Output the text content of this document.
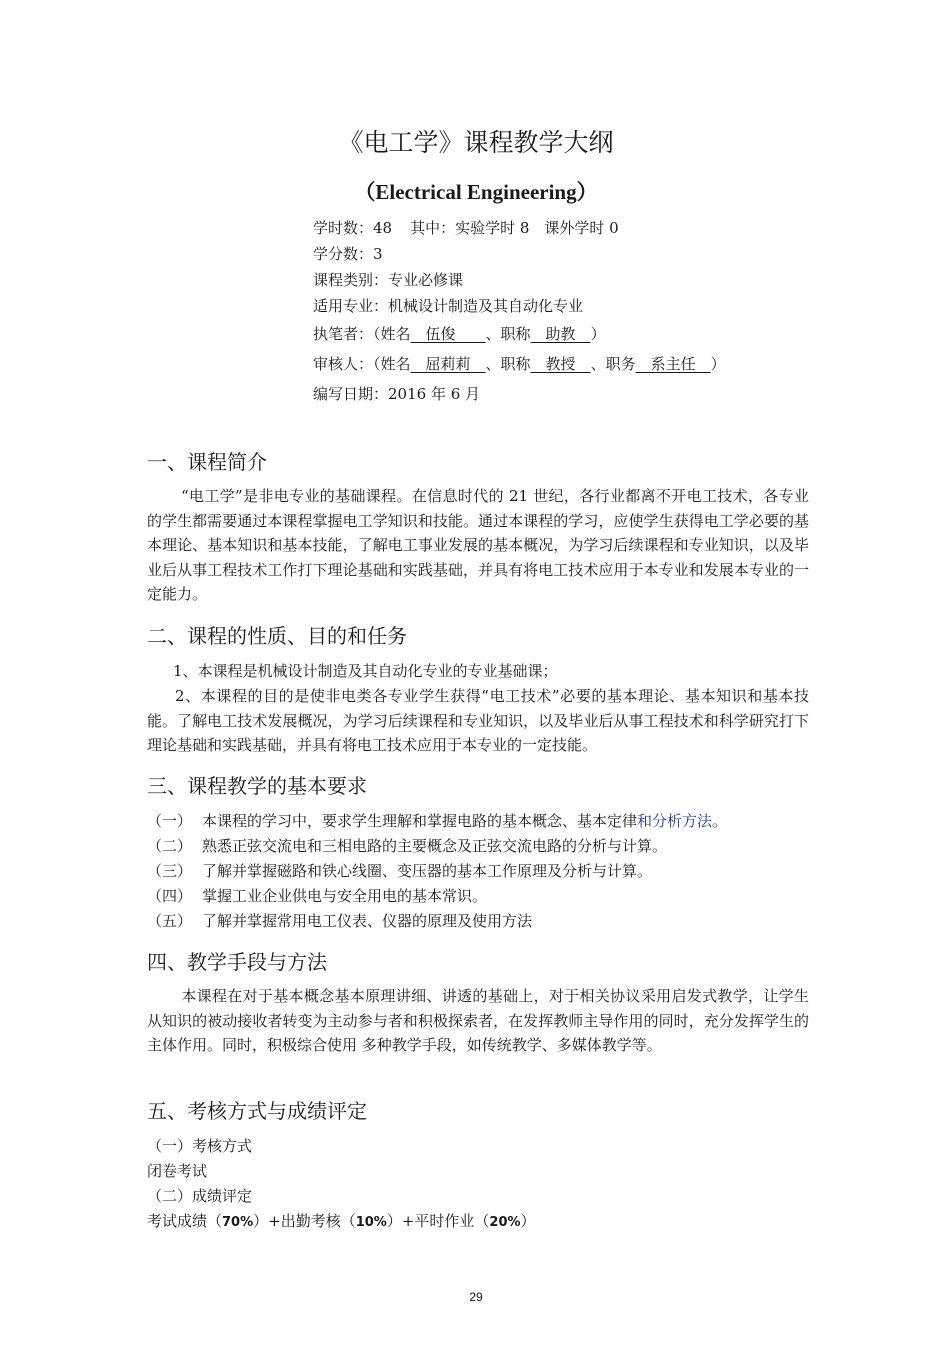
《电工学》课程教学大纲
（Electrical Engineering）
学时数：48 其中：实验学时 8　课外学时 0
学分数：3
课程类别：专业必修课
适用专业：机械设计制造及其自动化专业
执笔者：（姓名　伍俊　　、职称　助教　）
审核人：（姓名　屈莉莉　、职称　教授　、职务　系主任　）
编写日期：2016 年 6 月
一、课程简介
“电工学”是非电专业的基础课程。在信息时代的 21 世纪，各行业都离不开电工技术，各专业的学生都需要通过本课程掌握电工学知识和技能。通过本课程的学习，应使学生获得电工学必要的基本理论、基本知识和基本技能，了解电工事业发展的基本概况，为学习后续课程和专业知识，以及毕业后从事工程技术工作打下理论基础和实践基础，并具有将电工技术应用于本专业和发展本专业的一定能力。
二、课程的性质、目的和任务
1、本课程是机械设计制造及其自动化专业的专业基础课；
2、本课程的目的是使非电类各专业学生获得“电工技术”必要的基本理论、基本知识和基本技能。了解电工技术发展概况，为学习后续课程和专业知识，以及毕业后从事工程技术和科学研究打下理论基础和实践基础，并具有将电工技术应用于本专业的一定技能。
三、课程教学的基本要求
（一） 本课程的学习中，要求学生理解和掌握电路的基本概念、基本定律和分析方法。
（二） 熟悉正弦交流电和三相电路的主要概念及正弦交流电路的分析与计算。
（三） 了解并掌握磁路和铁心线圈、变压器的基本工作原理及分析与计算。
（四） 掌握工业企业供电与安全用电的基本常识。
（五） 了解并掌握常用电工仪表、仪器的原理及使用方法
四、教学手段与方法
本课程在对于基本概念基本原理讲细、讲透的基础上，对于相关协议采用启发式教学，让学生从知识的被动接收者转变为主动参与者和积极探索者，在发挥教师主导作用的同时，充分发挥学生的主体作用。同时，积极综合使用 多种教学手段，如传统教学、多媒体教学等。
五、考核方式与成绩评定
（一）考核方式
闭卷考试
（二）成绩评定
考试成绩（70%）+出勤考核（10%）+平时作业（20%）
29
